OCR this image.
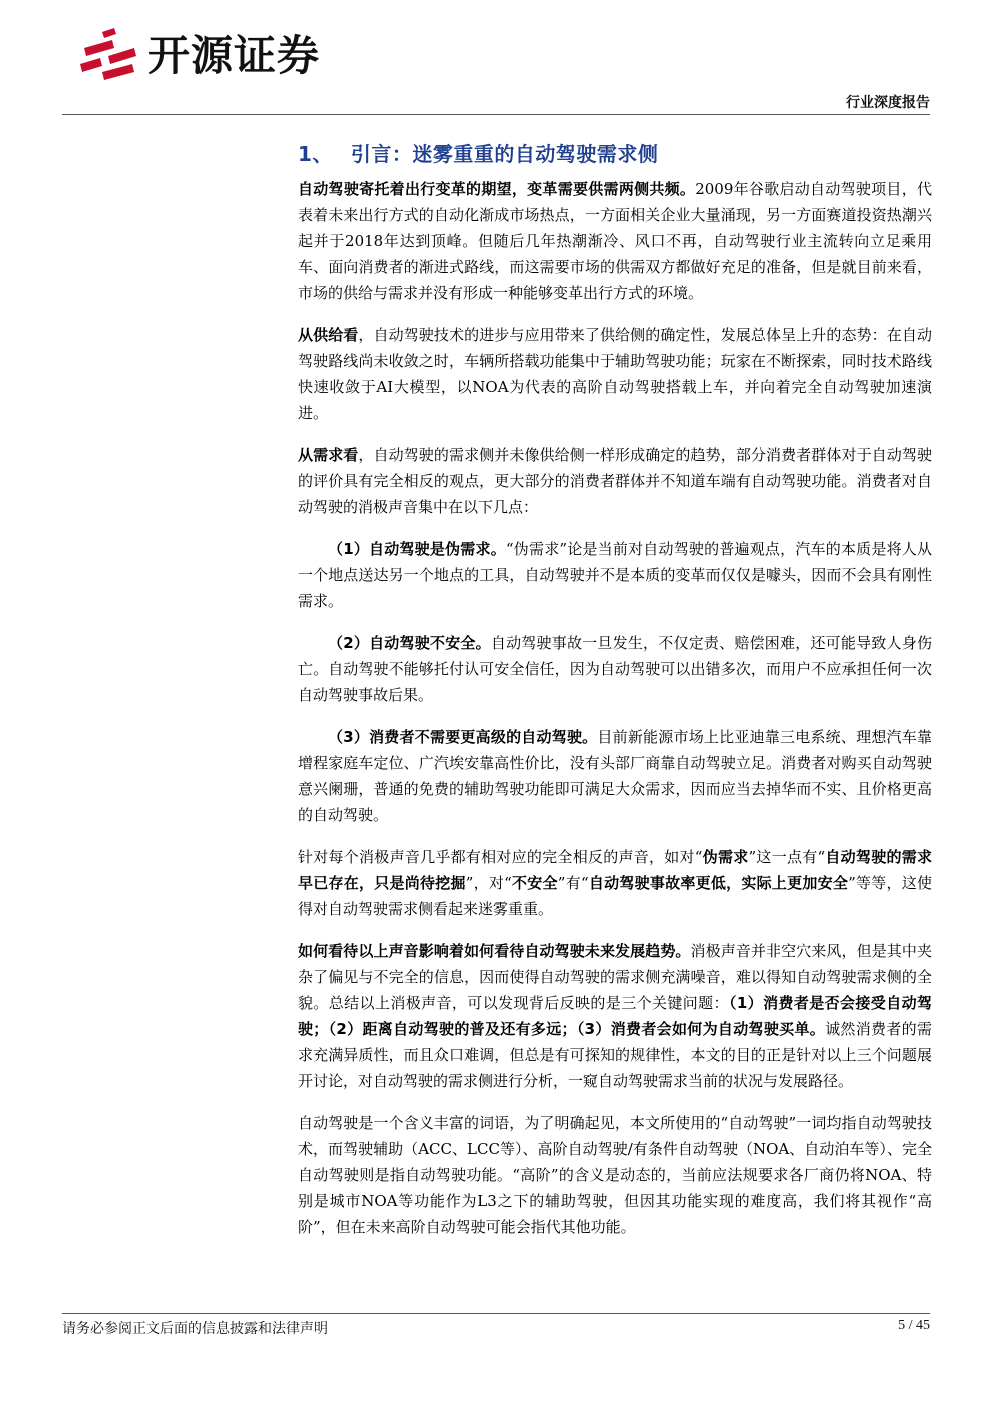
开源证券
行业深度报告
1、 引言：迷雾重重的自动驾驶需求侧

自动驾驶寄托着出行变革的期望，变革需要供需两侧共频。2009年谷歌启动自动驾驶项目，代表着未来出行方式的自动化渐成市场热点，一方面相关企业大量涌现，另一方面赛道投资热潮兴起并于2018年达到顶峰。但随后几年热潮渐冷、风口不再，自动驾驶行业主流转向立足乘用车、面向消费者的渐进式路线，而这需要市场的供需双方都做好充足的准备，但是就目前来看，市场的供给与需求并没有形成一种能够变革出行方式的环境。

从供给看，自动驾驶技术的进步与应用带来了供给侧的确定性，发展总体呈上升的态势：在自动驾驶路线尚未收敛之时，车辆所搭载功能集中于辅助驾驶功能；玩家在不断探索，同时技术路线快速收敛于AI大模型，以NOA为代表的高阶自动驾驶搭载上车，并向着完全自动驾驶加速演进。

从需求看，自动驾驶的需求侧并未像供给侧一样形成确定的趋势，部分消费者群体对于自动驾驶的评价具有完全相反的观点，更大部分的消费者群体并不知道车端有自动驾驶功能。消费者对自动驾驶的消极声音集中在以下几点：

（1）自动驾驶是伪需求。“伪需求”论是当前对自动驾驶的普遍观点，汽车的本质是将人从一个地点送达另一个地点的工具，自动驾驶并不是本质的变革而仅仅是噱头，因而不会具有刚性需求。

（2）自动驾驶不安全。自动驾驶事故一旦发生，不仅定责、赔偿困难，还可能导致人身伤亡。自动驾驶不能够托付认可安全信任，因为自动驾驶可以出错多次，而用户不应承担任何一次自动驾驶事故后果。

（3）消费者不需要更高级的自动驾驶。目前新能源市场上比亚迪靠三电系统、理想汽车靠增程家庭车定位、广汽埃安靠高性价比，没有头部厂商靠自动驾驶立足。消费者对购买自动驾驶意兴阑珊，普通的免费的辅助驾驶功能即可满足大众需求，因而应当去掉华而不实、且价格更高的自动驾驶。

针对每个消极声音几乎都有相对应的完全相反的声音，如对“伪需求”这一点有“自动驾驶的需求早已存在，只是尚待挖掘”，对“不安全”有“自动驾驶事故率更低，实际上更加安全”等等，这使得对自动驾驶需求侧看起来迷雾重重。

如何看待以上声音影响着如何看待自动驾驶未来发展趋势。消极声音并非空穴来风，但是其中夹杂了偏见与不完全的信息，因而使得自动驾驶的需求侧充满噪音，难以得知自动驾驶需求侧的全貌。总结以上消极声音，可以发现背后反映的是三个关键问题：（1）消费者是否会接受自动驾驶；（2）距离自动驾驶的普及还有多远；（3）消费者会如何为自动驾驶买单。诚然消费者的需求充满异质性，而且众口难调，但总是有可探知的规律性，本文的目的正是针对以上三个问题展开讨论，对自动驾驶的需求侧进行分析，一窥自动驾驶需求当前的状况与发展路径。

自动驾驶是一个含义丰富的词语，为了明确起见，本文所使用的“自动驾驶”一词均指自动驾驶技术，而驾驶辅助（ACC、LCC等）、高阶自动驾驶/有条件自动驾驶（NOA、自动泊车等）、完全自动驾驶则是指自动驾驶功能。“高阶”的含义是动态的，当前应法规要求各厂商仍将NOA、特别是城市NOA等功能作为L3之下的辅助驾驶，但因其功能实现的难度高，我们将其视作“高阶”，但在未来高阶自动驾驶可能会指代其他功能。

请务必参阅正文后面的信息披露和法律声明	5 / 45
